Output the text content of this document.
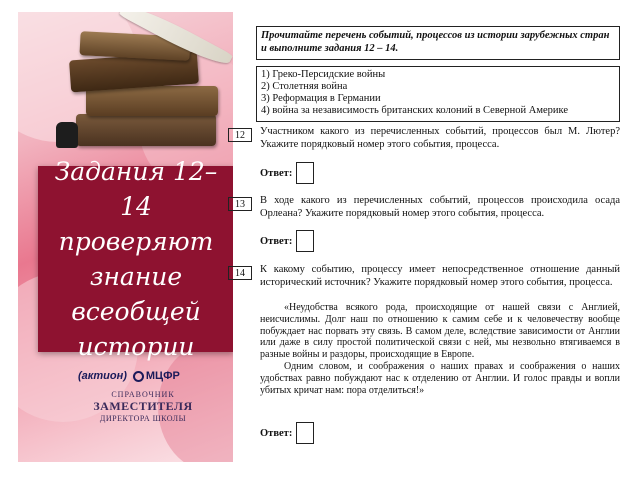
Задания 12–14
проверяют
знание
всеобщей
истории
(актион)	МЦФР
СПРАВОЧНИК
ЗАМЕСТИТЕЛЯ
ДИРЕКТОРА ШКОЛЫ
Прочитайте перечень событий, процессов из истории зарубежных стран и выполните задания 12 – 14.
1) Греко-Персидские войны
2) Столетняя война
3) Реформация в Германии
4) война за независимость британских колоний в Северной Америке
12	Участником какого из перечисленных событий, процессов был М. Лютер? Укажите порядковый номер этого события, процесса.
Ответ:
13	В ходе какого из перечисленных событий, процессов происходила осада Орлеана? Укажите порядковый номер этого события, процесса.
Ответ:
14	К какому событию, процессу имеет непосредственное отношение данный исторический источник? Укажите порядковый номер этого события, процесса.

«Неудобства всякого рода, происходящие от нашей связи с Англией, неисчислимы. Долг наш по отношению к самим себе и к человечеству вообще побуждает нас порвать эту связь. В самом деле, вследствие зависимости от Англии или даже в силу простой политической связи с ней, мы незвольно втягиваемся в разные войны и раздоры, происходящие в Европе.

Одним словом, и соображения о наших правах и соображения о наших удобствах равно побуждают нас к отделению от Англии. И голос правды и вопли убитых кричат нам: пора отделиться!»

Ответ:
